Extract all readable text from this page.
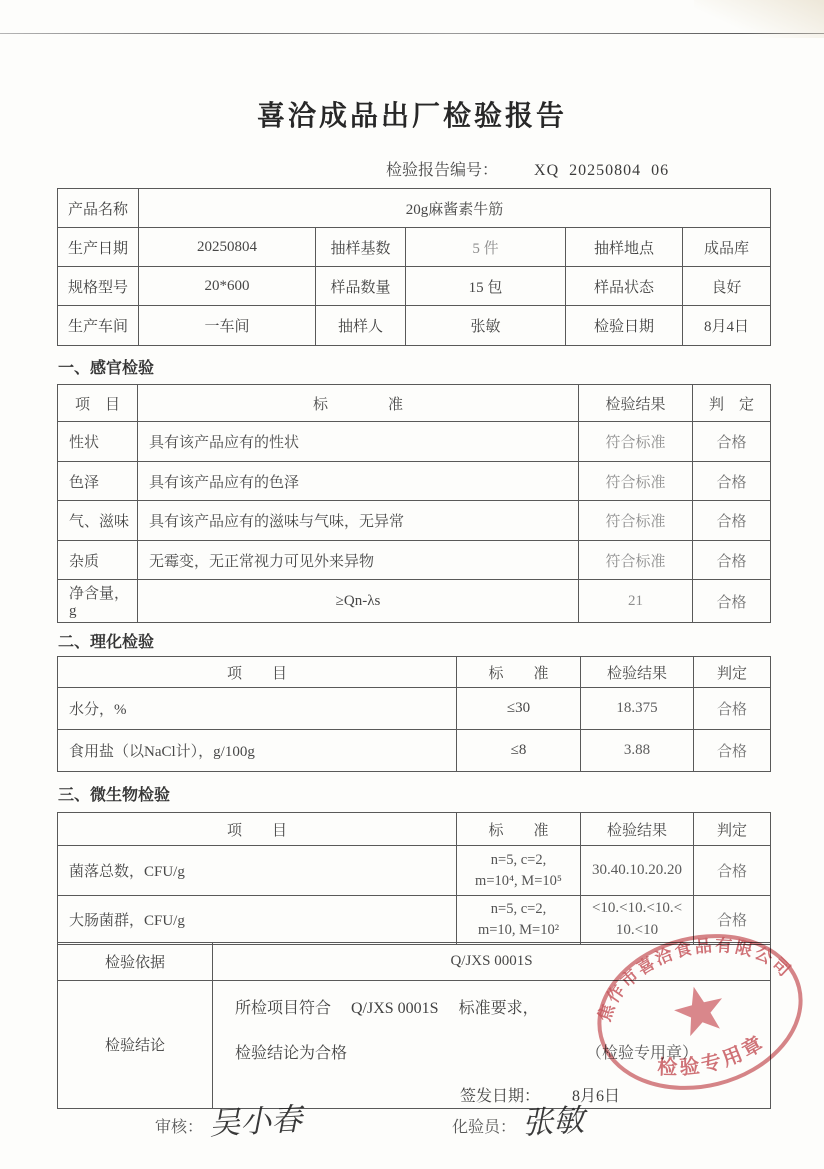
喜洽成品出厂检验报告
检验报告编号： XQ  20250804  06
产品名称	20g麻酱素牛筋				
生产日期	20250804	抽样基数	5 件	抽样地点	成品库
规格型号	20*600	样品数量	15 包	样品状态	良好
生产车间	一车间	抽样人	张敏	检验日期	8月4日
一、感官检验
项　目	标　　　　准	检验结果	判　定
性状	具有该产品应有的性状	符合标准	合格
色泽	具有该产品应有的色泽	符合标准	合格
气、滋味	具有该产品应有的滋味与气味，无异常	符合标准	合格
杂质	无霉变，无正常视力可见外来异物	符合标准	合格
净含量，g	≥Qn-λs	21	合格
二、理化检验
项　　目	标　　准	检验结果	判定
水分，%	≤30	18.375	合格
食用盐（以NaCl计），g/100g	≤8	3.88	合格
三、微生物检验
项　　目	标　　准	检验结果	判定
菌落总数，CFU/g	n=5, c=2,
m=10⁴, M=10⁵	30.40.10.20.20	合格
大肠菌群，CFU/g	n=5, c=2,
m=10, M=10²	<10.<10.<10.<10.<10	合格
检验依据	Q/JXS 0001S
检验结论	所检项目符合　 Q/JXS 0001S 　标准要求，
检验结论为合格 （检验专用章）
签发日期： 8月6日
焦作市喜洽食品有限公司
检验专用章
审核： 吴小春	化验员： 张敏
